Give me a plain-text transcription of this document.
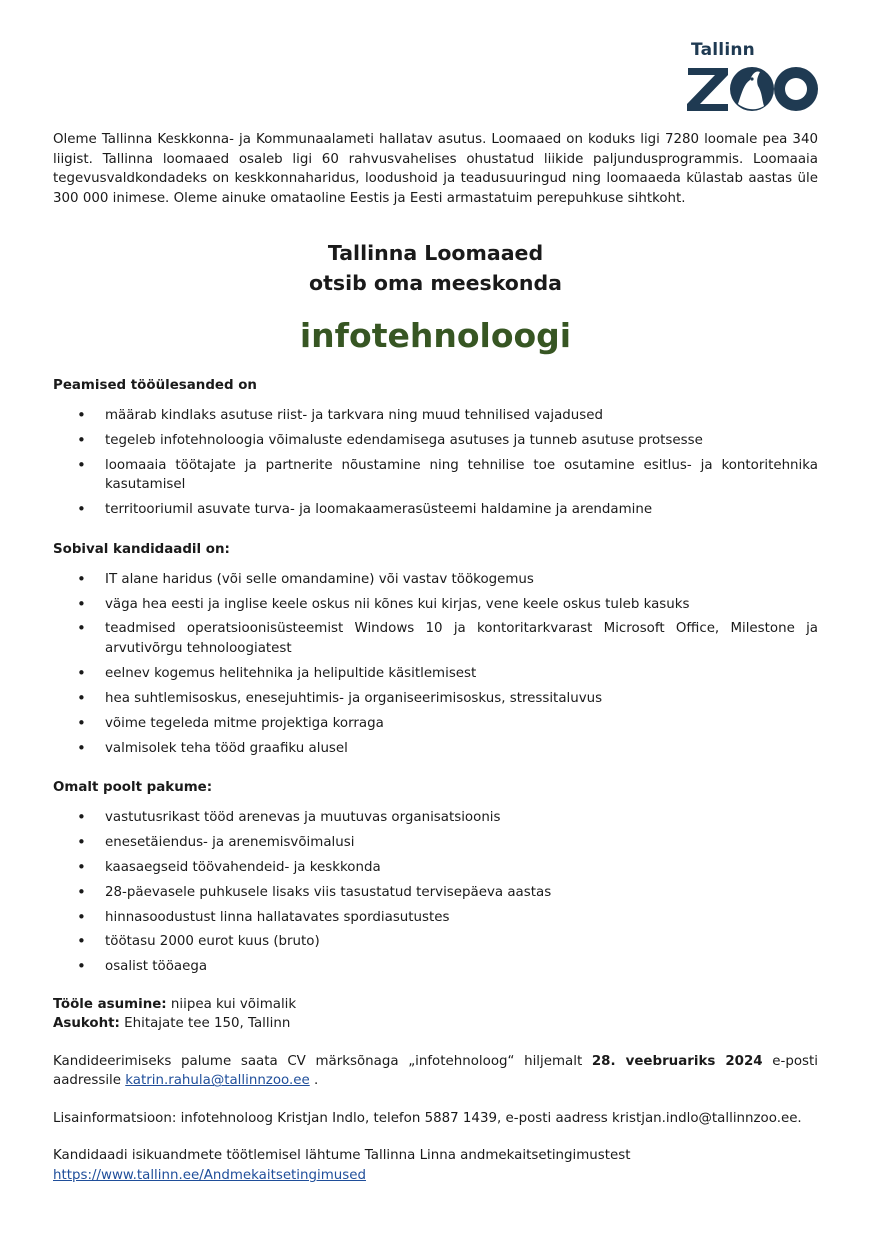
Tallinn

Oleme Tallinna Keskkonna- ja Kommunaalameti hallatav asutus. Loomaaed on koduks ligi 7280 loomale pea 340 liigist. Tallinna loomaaed osaleb ligi 60 rahvusvahelises ohustatud liikide paljundusprogrammis. Loomaaia tegevusvaldkondadeks on keskkonnaharidus, loodushoid ja teadusuuringud ning loomaaeda külastab aastas üle 300 000 inimese. Oleme ainuke omataoline Eestis ja Eesti armastatuim perepuhkuse sihtkoht.

Tallinna Loomaaed
otsib oma meeskonda
infotehnoloogi
Peamised tööülesanded on
• määrab kindlaks asutuse riist- ja tarkvara ning muud tehnilised vajadused
• tegeleb infotehnoloogia võimaluste edendamisega asutuses ja tunneb asutuse protsesse
• loomaaia töötajate ja partnerite nõustamine ning tehnilise toe osutamine esitlus- ja kontoritehnika kasutamisel
• territooriumil asuvate turva- ja loomakaamerasüsteemi haldamine ja arendamine
Sobival kandidaadil on:
• IT alane haridus (või selle omandamine) või vastav töökogemus
• väga hea eesti ja inglise keele oskus nii kõnes kui kirjas, vene keele oskus tuleb kasuks
• teadmised operatsioonisüsteemist Windows 10 ja kontoritarkvarast Microsoft Office, Milestone ja arvutivõrgu tehnoloogiatest
• eelnev kogemus helitehnika ja helipultide käsitlemisest
• hea suhtlemisoskus, enesejuhtimis- ja organiseerimisoskus, stressitaluvus
• võime tegeleda mitme projektiga korraga
• valmisolek teha tööd graafiku alusel
Omalt poolt pakume:
• vastutusrikast tööd arenevas ja muutuvas organisatsioonis
• enesetäiendus- ja arenemisvõimalusi
• kaasaegseid töövahendeid- ja keskkonda
• 28-päevasele puhkusele lisaks viis tasustatud tervisepäeva aastas
• hinnasoodustust linna hallatavates spordiasutustes
• töötasu 2000 eurot kuus (bruto)
• osalist tööaega
Tööle asumine: niipea kui võimalik
Asukoht: Ehitajate tee 150, Tallinn

Kandideerimiseks palume saata CV märksõnaga „infotehnoloog“ hiljemalt 28. veebruariks 2024 e-posti aadressile katrin.rahula@tallinnzoo.ee .

Lisainformatsioon: infotehnoloog Kristjan Indlo, telefon 5887 1439, e-posti aadress kristjan.indlo@tallinnzoo.ee.

Kandidaadi isikuandmete töötlemisel lähtume Tallinna Linna andmekaitsetingimustest
https://www.tallinn.ee/Andmekaitsetingimused
